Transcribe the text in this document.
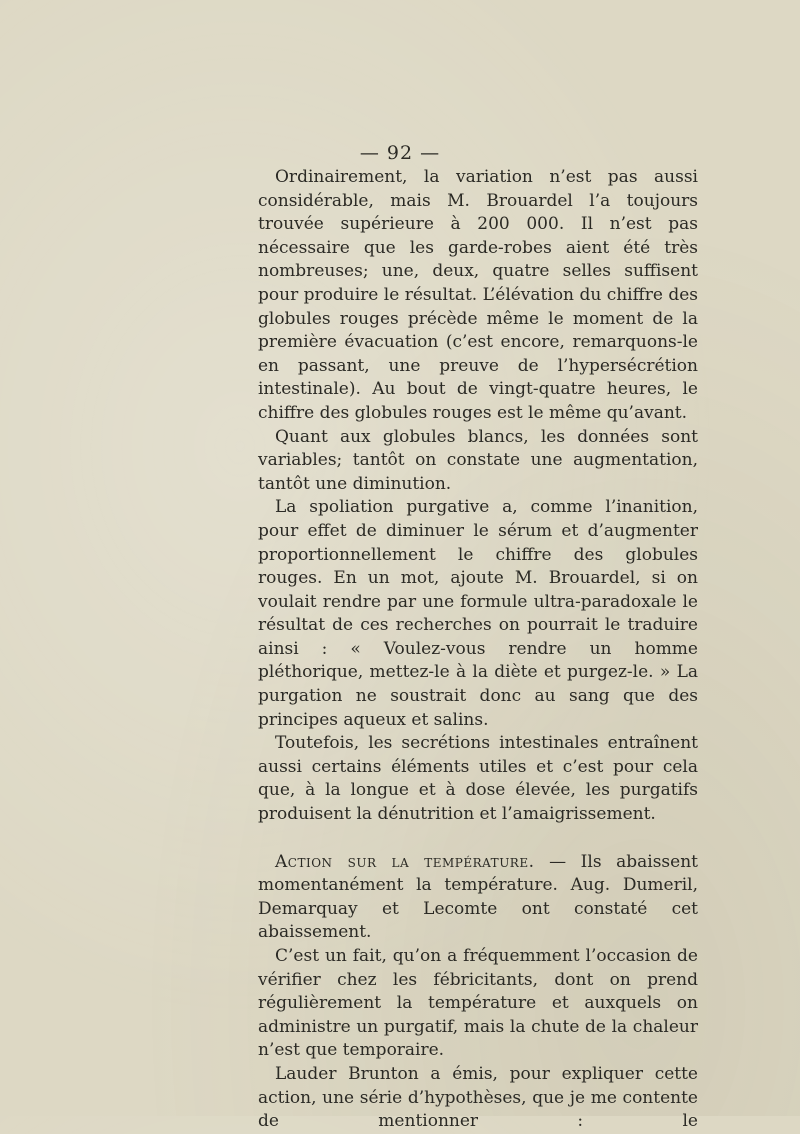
— 92 —

Ordinairement, la variation n’est pas aussi considérable, mais M. Brouardel l’a toujours trouvée supérieure à 200 000. Il n’est pas nécessaire que les garde-robes aient été très nombreuses; une, deux, quatre selles suffisent pour produire le résultat. L’élévation du chiffre des globules rouges précède même le moment de la première évacuation (c’est encore, remarquons-le en passant, une preuve de l’hypersécrétion intestinale). Au bout de vingt-quatre heures, le chiffre des globules rouges est le même qu’avant.

Quant aux globules blancs, les données sont variables; tantôt on constate une augmentation, tantôt une diminution.

La spoliation purgative a, comme l’inanition, pour effet de diminuer le sérum et d’augmenter proportionnellement le chiffre des globules rouges. En un mot, ajoute M. Brouardel, si on voulait rendre par une formule ultra-paradoxale le résultat de ces recherches on pourrait le traduire ainsi : « Voulez-vous rendre un homme pléthorique, mettez-le à la diète et purgez-le. » La purgation ne soustrait donc au sang que des principes aqueux et salins.

Toutefois, les secrétions intestinales entraînent aussi certains éléments utiles et c’est pour cela que, à la longue et à dose élevée, les purgatifs produisent la dénutrition et l’amaigrissement.

Action sur la température. — Ils abaissent momentanément la température. Aug. Dumeril, Demarquay et Lecomte ont constaté cet abaissement.

C’est un fait, qu’on a fréquemment l’occasion de vérifier chez les fébricitants, dont on prend régulièrement la température et auxquels on administre un purgatif, mais la chute de la chaleur n’est que temporaire.

Lauder Brunton a émis, pour expliquer cette action, une série d’hypothèses, que je me contente de mentionner : le
